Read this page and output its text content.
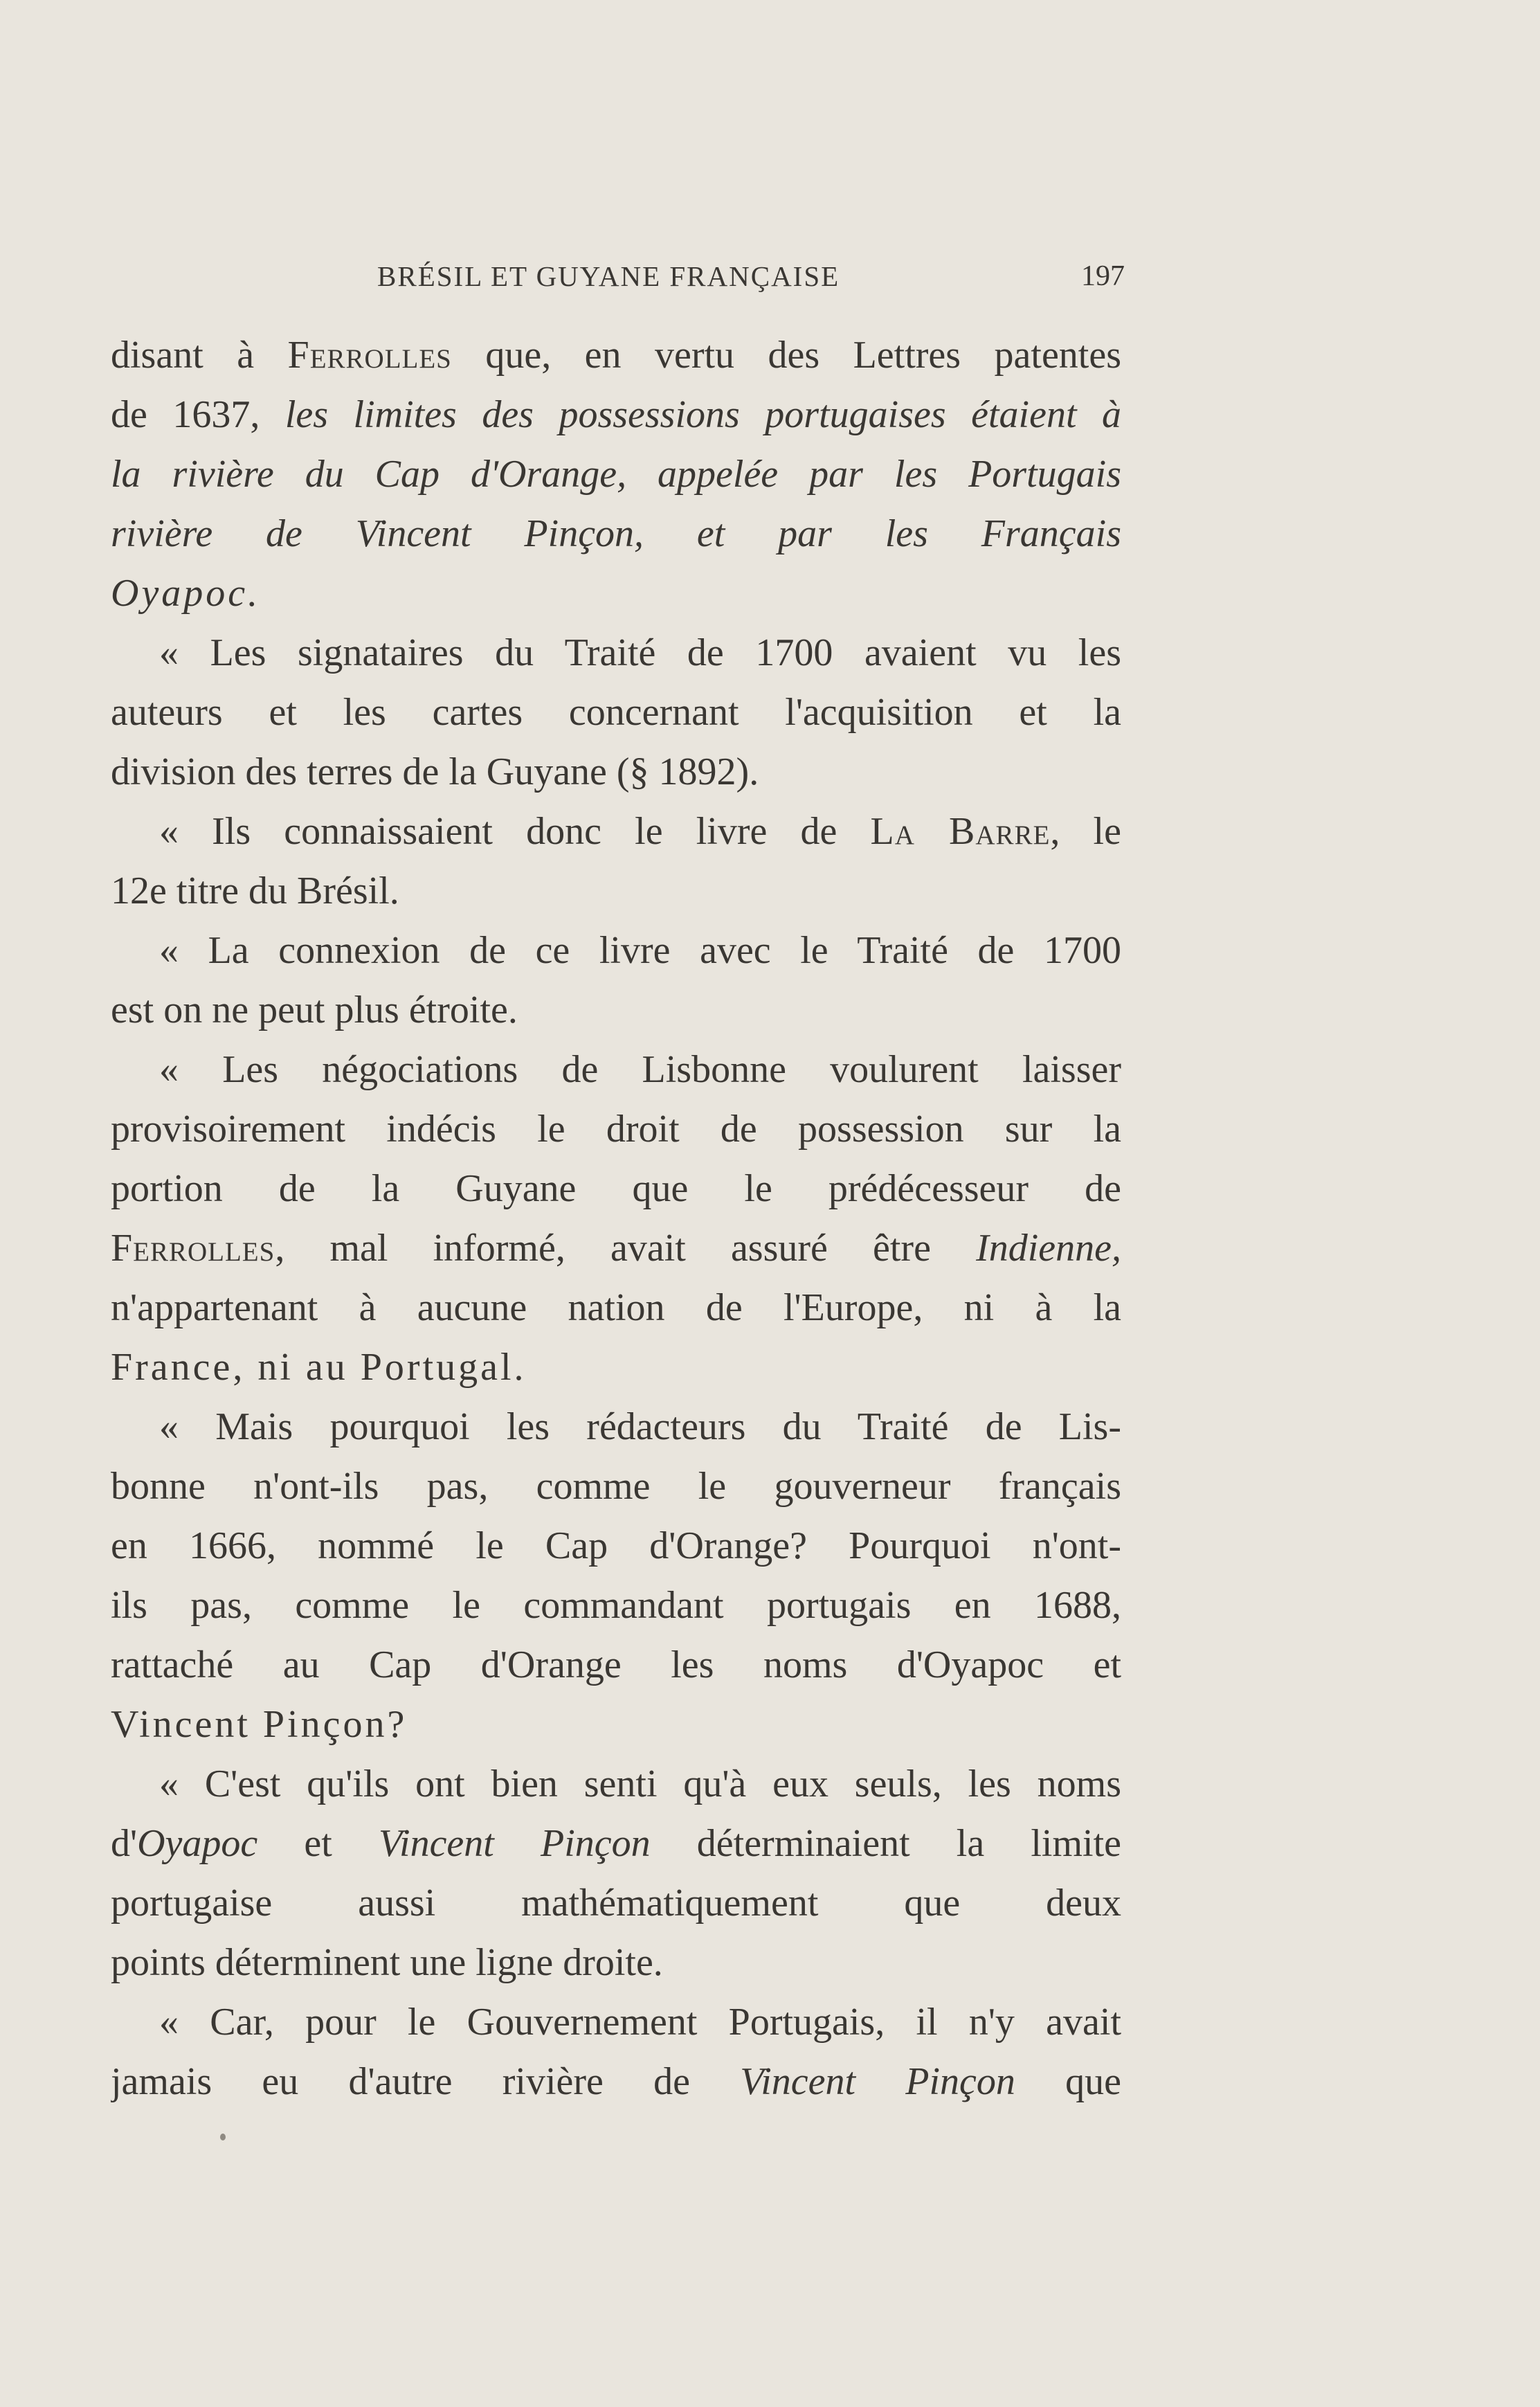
BRÉSIL ET GUYANE FRANÇAISE	197
disant à Ferrolles que, en vertu des Lettres patentes
de 1637, les limites des possessions portugaises étaient à
la rivière du Cap d'Orange, appelée par les Portugais
rivière de Vincent Pinçon, et par les Français
Oyapoc.
« Les signataires du Traité de 1700 avaient vu les
auteurs et les cartes concernant l'acquisition et la
division des terres de la Guyane (§ 1892).
« Ils connaissaient donc le livre de La Barre, le
12e titre du Brésil.
« La connexion de ce livre avec le Traité de 1700
est on ne peut plus étroite.
« Les négociations de Lisbonne voulurent laisser
provisoirement indécis le droit de possession sur la
portion de la Guyane que le prédécesseur de
Ferrolles, mal informé, avait assuré être Indienne,
n'appartenant à aucune nation de l'Europe, ni à la
France, ni au Portugal.
« Mais pourquoi les rédacteurs du Traité de Lis-
bonne n'ont-ils pas, comme le gouverneur français
en 1666, nommé le Cap d'Orange? Pourquoi n'ont-
ils pas, comme le commandant portugais en 1688,
rattaché au Cap d'Orange les noms d'Oyapoc et
Vincent Pinçon?
« C'est qu'ils ont bien senti qu'à eux seuls, les noms
d'Oyapoc et Vincent Pinçon déterminaient la limite
portugaise aussi mathématiquement que deux
points déterminent une ligne droite.
« Car, pour le Gouvernement Portugais, il n'y avait
jamais eu d'autre rivière de Vincent Pinçon que
